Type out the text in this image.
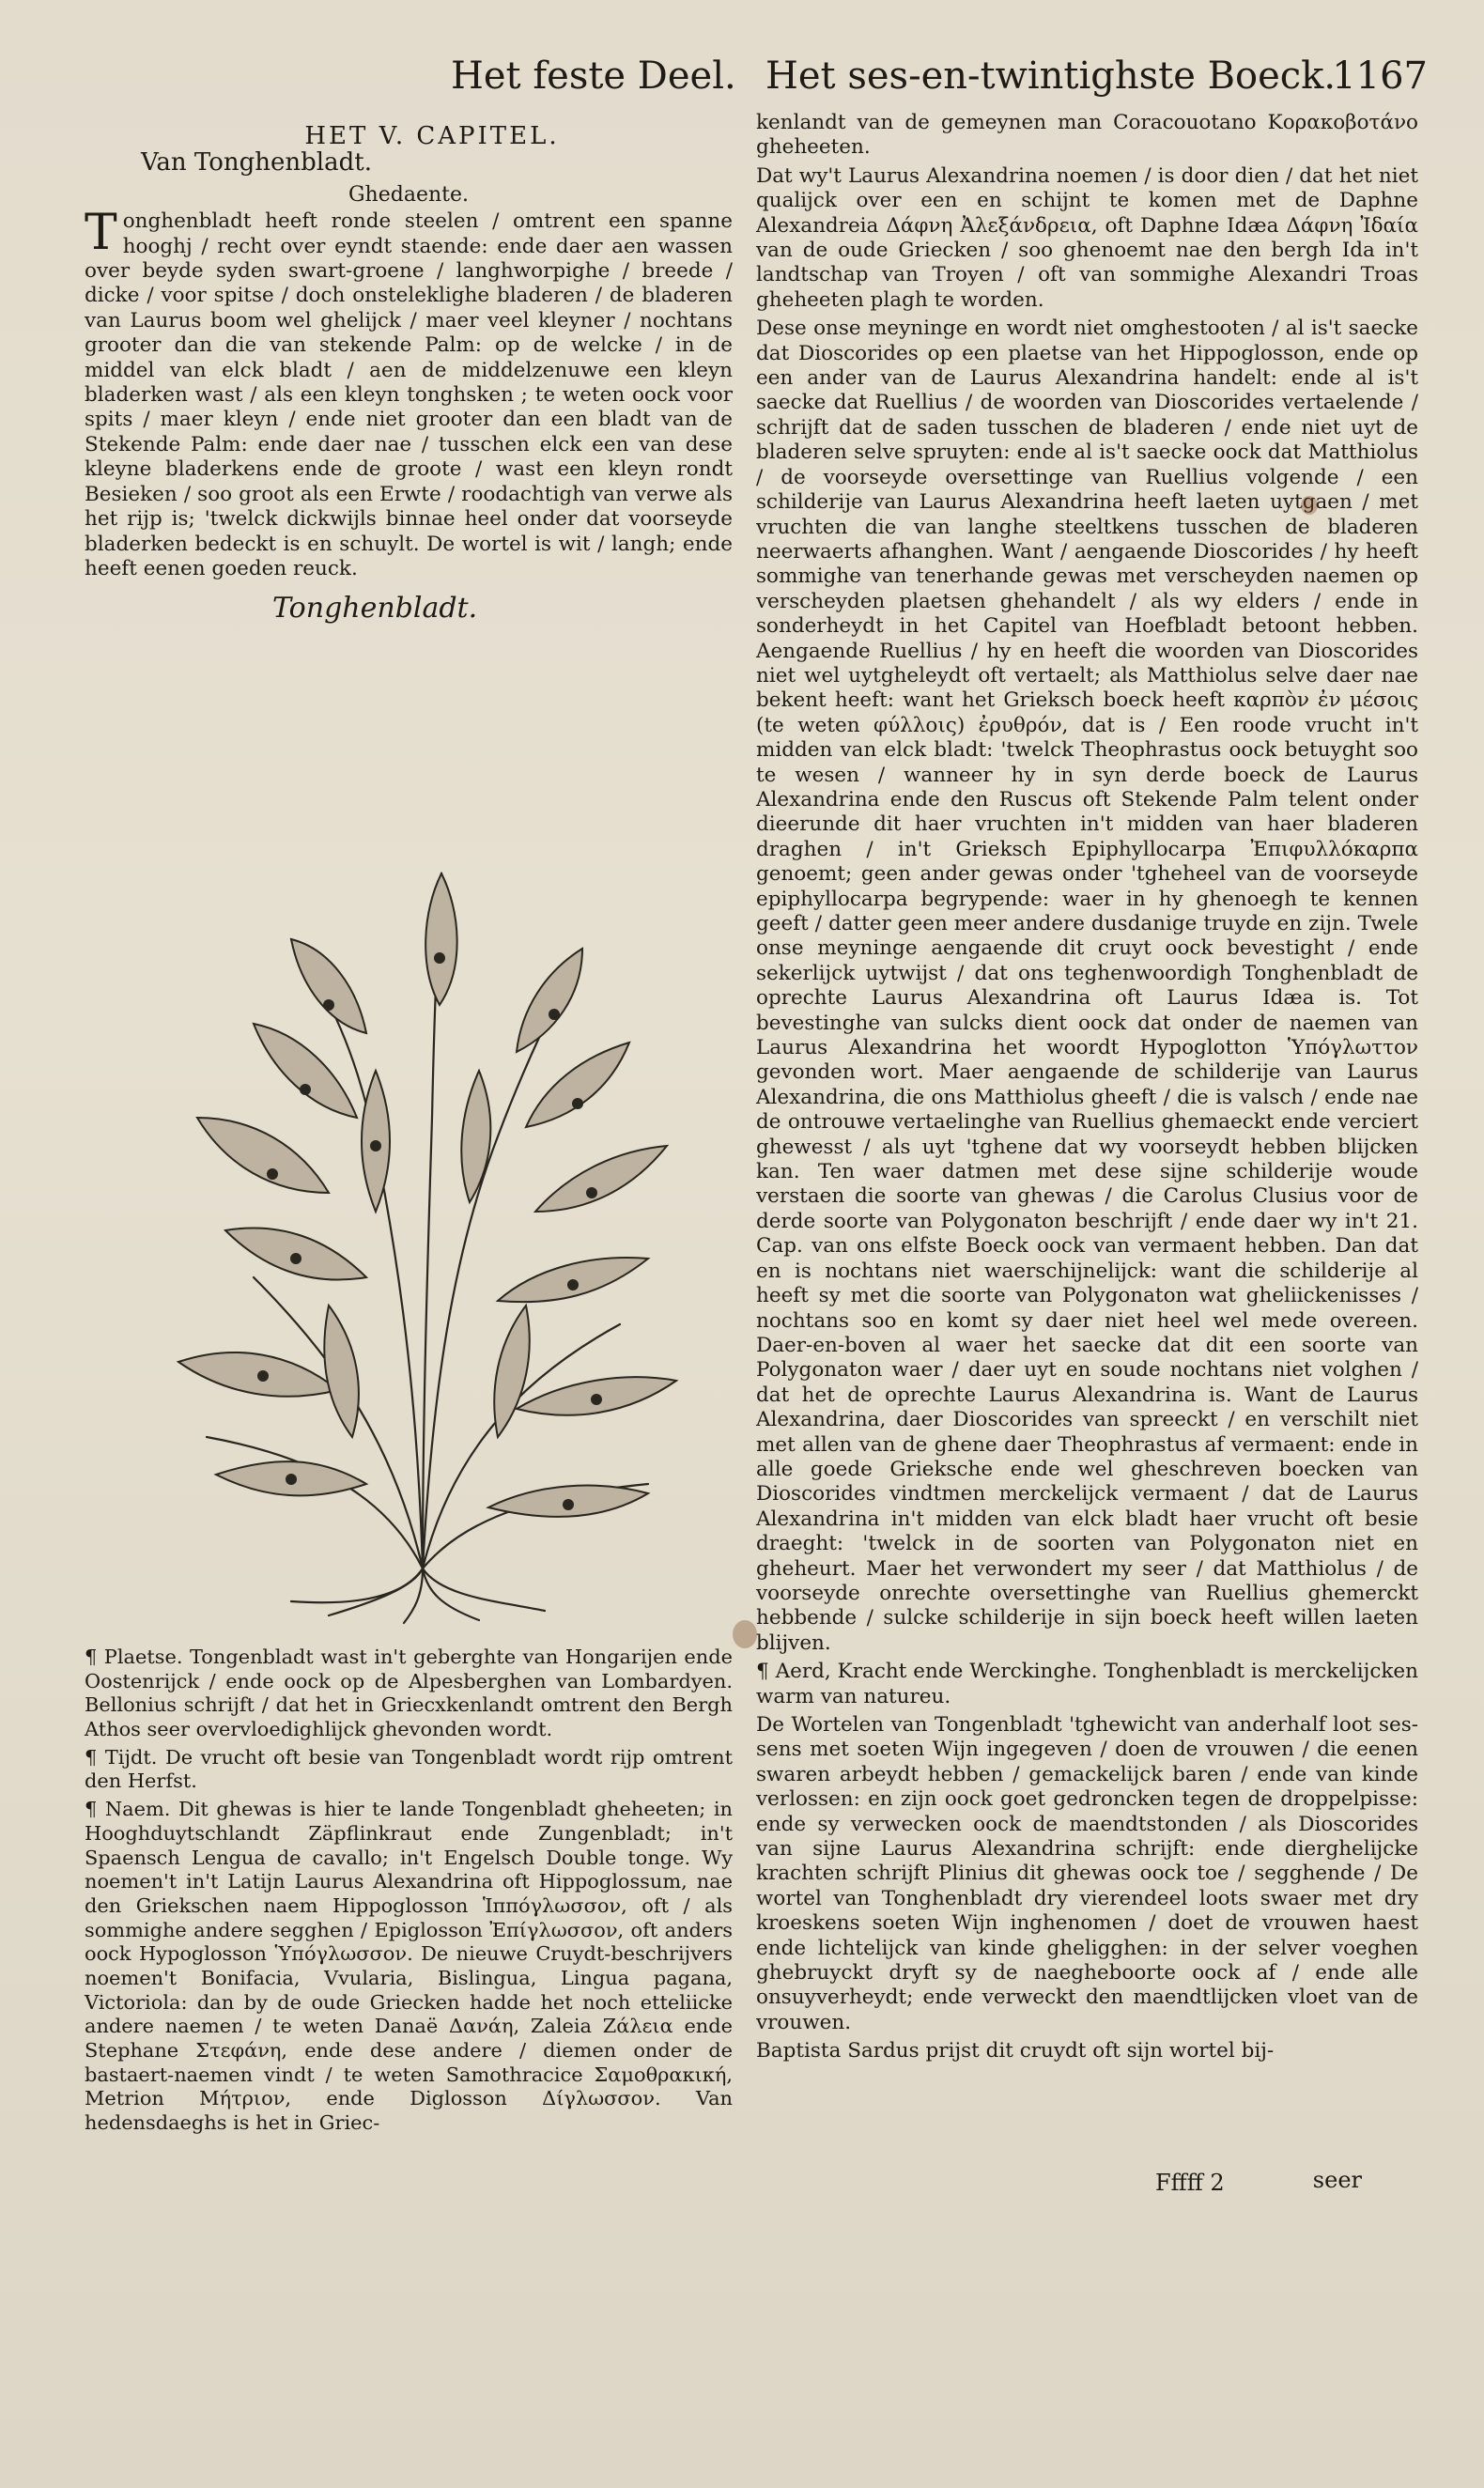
Het feste Deel. Het ses-en-twintighste Boeck.
1167
HET V. CAPITEL.
Van Tonghenbladt.
Ghedaente.

Tonghenbladt heeft ronde steelen / omtrent een spanne hooghj / recht over eyndt staende: ende daer aen wassen over beyde syden swart-groene / langhworpighe / breede / dicke / voor spitse / doch onsteleklighe bladeren / de bladeren van Laurus boom wel ghelijck / maer veel kleyner / nochtans grooter dan die van stekende Palm: op de welcke / in de middel van elck bladt / aen de middelzenuwe een kleyn bladerken wast / als een kleyn tonghsken ; te weten oock voor spits / maer kleyn / ende niet grooter dan een bladt van de Stekende Palm: ende daer nae / tusschen elck een van dese kleyne bladerkens ende de groote / wast een kleyn rondt Besieken / soo groot als een Erwte / roodachtigh van verwe als het rijp is; 'twelck dickwijls binnae heel onder dat voorseyde bladerken bedeckt is en schuylt. De wortel is wit / langh; ende heeft eenen goeden reuck.

Tonghenbladt.

¶ Plaetse. Tongenbladt wast in't geberghte van Hongarijen ende Oostenrijck / ende oock op de Alpesberghen van Lombardyen. Bellonius schrijft / dat het in Griecxkenlandt omtrent den Bergh Athos seer overvloedighlijck ghevonden wordt.

¶ Tijdt. De vrucht oft besie van Tongenbladt wordt rijp omtrent den Herfst.

¶ Naem. Dit ghewas is hier te lande Tongenbladt gheheeten; in Hooghduytschlandt Zäpflinkraut ende Zungenbladt; in't Spaensch Lengua de cavallo; in't Engelsch Double tonge. Wy noemen't in't Latijn Laurus Alexandrina oft Hippoglossum, nae den Griekschen naem Hippoglosson Ἱππόγλωσσον, oft / als sommighe andere segghen / Epiglosson Ἐπίγλωσσον, oft anders oock Hypoglosson Ὑπόγλωσσον. De nieuwe Cruydt-beschrijvers noemen't Bonifacia, Vvularia, Bislingua, Lingua pagana, Victoriola: dan by de oude Griecken hadde het noch etteliicke andere naemen / te weten Danaë Δανάη, Zaleia Ζάλεια ende Stephane Στεφάνη, ende dese andere / diemen onder de bastaert-naemen vindt / te weten Samothracice Σαμοθρακική, Metrion Μήτριον, ende Diglosson Δίγλωσσον. Van hedensdaeghs is het in Griec-

kenlandt van de gemeynen man Coracouotano Κορακοβοτάνο gheheeten.

Dat wy't Laurus Alexandrina noemen / is door dien / dat het niet qualijck over een en schijnt te komen met de Daphne Alexandreia Δάφνη Ἀλεξάνδρεια, oft Daphne Idæa Δάφνη Ἰδαία van de oude Griecken / soo ghenoemt nae den bergh Ida in't landtschap van Troyen / oft van sommighe Alexandri Troas gheheeten plagh te worden.

Dese onse meyninge en wordt niet omghestooten / al is't saecke dat Dioscorides op een plaetse van het Hippoglosson, ende op een ander van de Laurus Alexandrina handelt: ende al is't saecke dat Ruellius / de woorden van Dioscorides vertaelende / schrijft dat de saden tusschen de bladeren / ende niet uyt de bladeren selve spruyten: ende al is't saecke oock dat Matthiolus / de voorseyde oversettinge van Ruellius volgende / een schilderije van Laurus Alexandrina heeft laeten uytgaen / met vruchten die van langhe steeltkens tusschen de bladeren neerwaerts afhanghen. Want / aengaende Dioscorides / hy heeft sommighe van tenerhande gewas met verscheyden naemen op verscheyden plaetsen ghehandelt / als wy elders / ende in sonderheydt in het Capitel van Hoefbladt betoont hebben. Aengaende Ruellius / hy en heeft die woorden van Dioscorides niet wel uytgheleydt oft vertaelt; als Matthiolus selve daer nae bekent heeft: want het Grieksch boeck heeft καρπὸν ἐν μέσοις (te weten φύλλοις) ἐρυθρόν, dat is / Een roode vrucht in't midden van elck bladt: 'twelck Theophrastus oock betuyght soo te wesen / wanneer hy in syn derde boeck de Laurus Alexandrina ende den Ruscus oft Stekende Palm telent onder dieerunde dit haer vruchten in't midden van haer bladeren draghen / in't Grieksch Epiphyllocarpa Ἐπιφυλλόκαρπα genoemt; geen ander gewas onder 'tgheheel van de voorseyde epiphyllocarpa begrypende: waer in hy ghenoegh te kennen geeft / datter geen meer andere dusdanige truyde en zijn. Twele onse meyninge aengaende dit cruyt oock bevestight / ende sekerlijck uytwijst / dat ons teghenwoordigh Tonghenbladt de oprechte Laurus Alexandrina oft Laurus Idæa is. Tot bevestinghe van sulcks dient oock dat onder de naemen van Laurus Alexandrina het woordt Hypoglotton Ὑπόγλωττον gevonden wort. Maer aengaende de schilderije van Laurus Alexandrina, die ons Matthiolus gheeft / die is valsch / ende nae de ontrouwe vertaelinghe van Ruellius ghemaeckt ende verciert ghewesst / als uyt 'tghene dat wy voorseydt hebben blijcken kan. Ten waer datmen met dese sijne schilderije woude verstaen die soorte van ghewas / die Carolus Clusius voor de derde soorte van Polygonaton beschrijft / ende daer wy in't 21. Cap. van ons elfste Boeck oock van vermaent hebben. Dan dat en is nochtans niet waerschijnelijck: want die schilderije al heeft sy met die soorte van Polygonaton wat gheliickenisses / nochtans soo en komt sy daer niet heel wel mede overeen. Daer-en-boven al waer het saecke dat dit een soorte van Polygonaton waer / daer uyt en soude nochtans niet volghen / dat het de oprechte Laurus Alexandrina is. Want de Laurus Alexandrina, daer Dioscorides van spreeckt / en verschilt niet met allen van de ghene daer Theophrastus af vermaent: ende in alle goede Grieksche ende wel gheschreven boecken van Dioscorides vindtmen merckelijck vermaent / dat de Laurus Alexandrina in't midden van elck bladt haer vrucht oft besie draeght: 'twelck in de soorten van Polygonaton niet en gheheurt. Maer het verwondert my seer / dat Matthiolus / de voorseyde onrechte oversettinghe van Ruellius ghemerckt hebbende / sulcke schilderije in sijn boeck heeft willen laeten blijven.

¶ Aerd, Kracht ende Werckinghe. Tonghenbladt is merckelijcken warm van natureu.

De Wortelen van Tongenbladt 'tghewicht van anderhalf loot sessens met soeten Wijn ingegeven / doen de vrouwen / die eenen swaren arbeydt hebben / gemackelijck baren / ende van kinde verlossen: en zijn oock goet gedroncken tegen de droppelpisse: ende sy verwecken oock de maendtstonden / als Dioscorides van sijne Laurus Alexandrina schrijft: ende dierghelijcke krachten schrijft Plinius dit ghewas oock toe / segghende / De wortel van Tonghenbladt dry vierendeel loots swaer met dry kroeskens soeten Wijn inghenomen / doet de vrouwen haest ende lichtelijck van kinde gheligghen: in der selver voeghen ghebruyckt dryft sy de naegheboorte oock af / ende alle onsuyverheydt; ende verweckt den maendtlijcken vloet van de vrouwen.

Baptista Sardus prijst dit cruydt oft sijn wortel bij-

Fffff 2	seer
